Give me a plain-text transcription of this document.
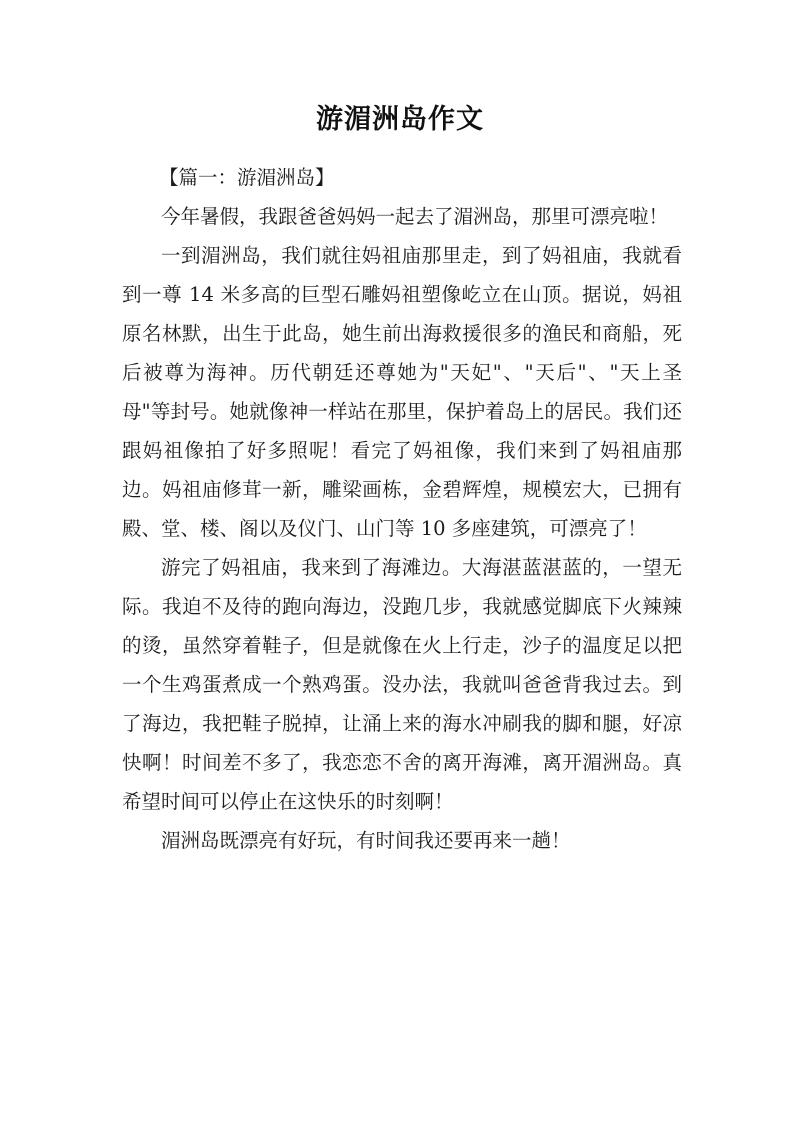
游湄洲岛作文

【篇一：游湄洲岛】

今年暑假，我跟爸爸妈妈一起去了湄洲岛，那里可漂亮啦！

一到湄洲岛，我们就往妈祖庙那里走，到了妈祖庙，我就看到一尊 14 米多高的巨型石雕妈祖塑像屹立在山顶。据说，妈祖原名林默，出生于此岛，她生前出海救援很多的渔民和商船，死后被尊为海神。历代朝廷还尊她为"天妃"、"天后"、"天上圣母"等封号。她就像神一样站在那里，保护着岛上的居民。我们还跟妈祖像拍了好多照呢！看完了妈祖像，我们来到了妈祖庙那边。妈祖庙修茸一新，雕梁画栋，金碧辉煌，规模宏大，已拥有殿、堂、楼、阁以及仪门、山门等 10 多座建筑，可漂亮了！

游完了妈祖庙，我来到了海滩边。大海湛蓝湛蓝的，一望无际。我迫不及待的跑向海边，没跑几步，我就感觉脚底下火辣辣的烫，虽然穿着鞋子，但是就像在火上行走，沙子的温度足以把一个生鸡蛋煮成一个熟鸡蛋。没办法，我就叫爸爸背我过去。到了海边，我把鞋子脱掉，让涌上来的海水冲刷我的脚和腿，好凉快啊！时间差不多了，我恋恋不舍的离开海滩，离开湄洲岛。真希望时间可以停止在这快乐的时刻啊！

湄洲岛既漂亮有好玩，有时间我还要再来一趟！
